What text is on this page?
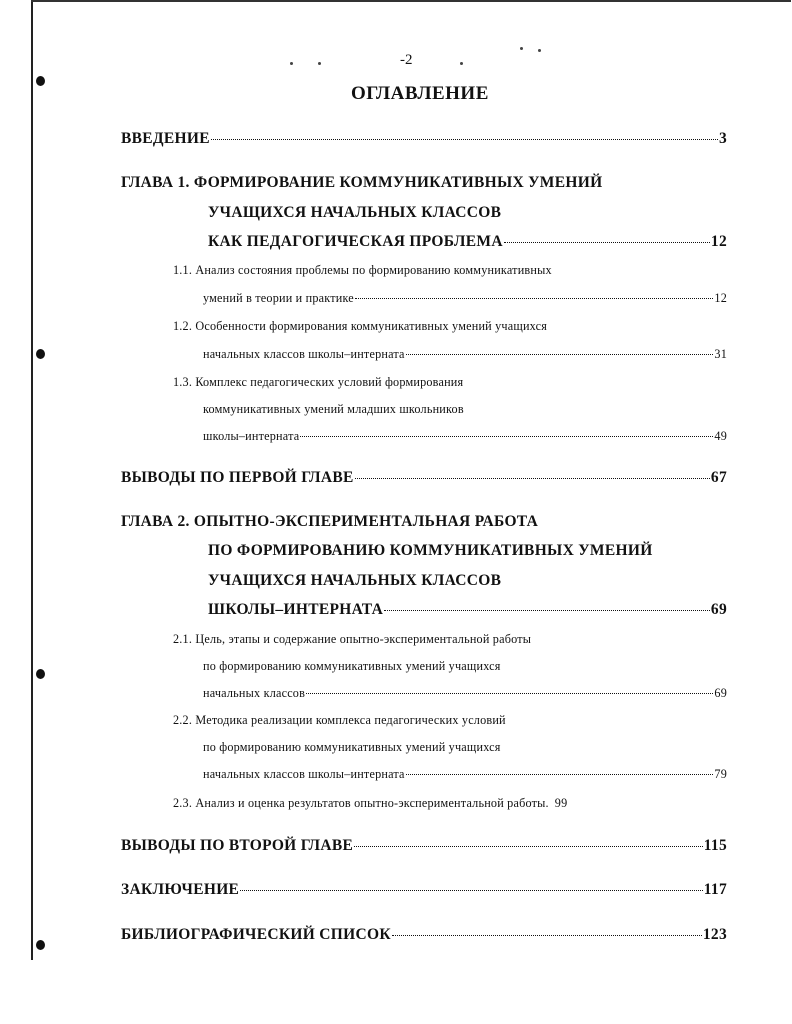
-2
ОГЛАВЛЕНИЕ
ВВЕДЕНИЕ	3
ГЛАВА 1. ФОРМИРОВАНИЕ КОММУНИКАТИВНЫХ УМЕНИЙ
УЧАЩИХСЯ НАЧАЛЬНЫХ КЛАССОВ
КАК ПЕДАГОГИЧЕСКАЯ ПРОБЛЕМА	12
1.1. Анализ состояния проблемы по формированию коммуникативных
умений в теории и практике	12
1.2. Особенности формирования коммуникативных умений учащихся
начальных классов школы–интерната	31
1.3. Комплекс педагогических условий формирования
коммуникативных умений младших школьников
школы–интерната	49
ВЫВОДЫ ПО ПЕРВОЙ ГЛАВЕ	67
ГЛАВА 2. ОПЫТНО-ЭКСПЕРИМЕНТАЛЬНАЯ РАБОТА
ПО ФОРМИРОВАНИЮ КОММУНИКАТИВНЫХ УМЕНИЙ
УЧАЩИХСЯ НАЧАЛЬНЫХ КЛАССОВ
ШКОЛЫ–ИНТЕРНАТА	69
2.1. Цель, этапы и содержание опытно-экспериментальной работы
по формированию коммуникативных умений учащихся
начальных классов	69
2.2. Методика реализации комплекса педагогических условий
по формированию коммуникативных умений учащихся
начальных классов школы–интерната	79
2.3. Анализ и оценка результатов опытно-экспериментальной работы. 99
ВЫВОДЫ ПО ВТОРОЙ ГЛАВЕ	115
ЗАКЛЮЧЕНИЕ	117
БИБЛИОГРАФИЧЕСКИЙ СПИСОК	123
